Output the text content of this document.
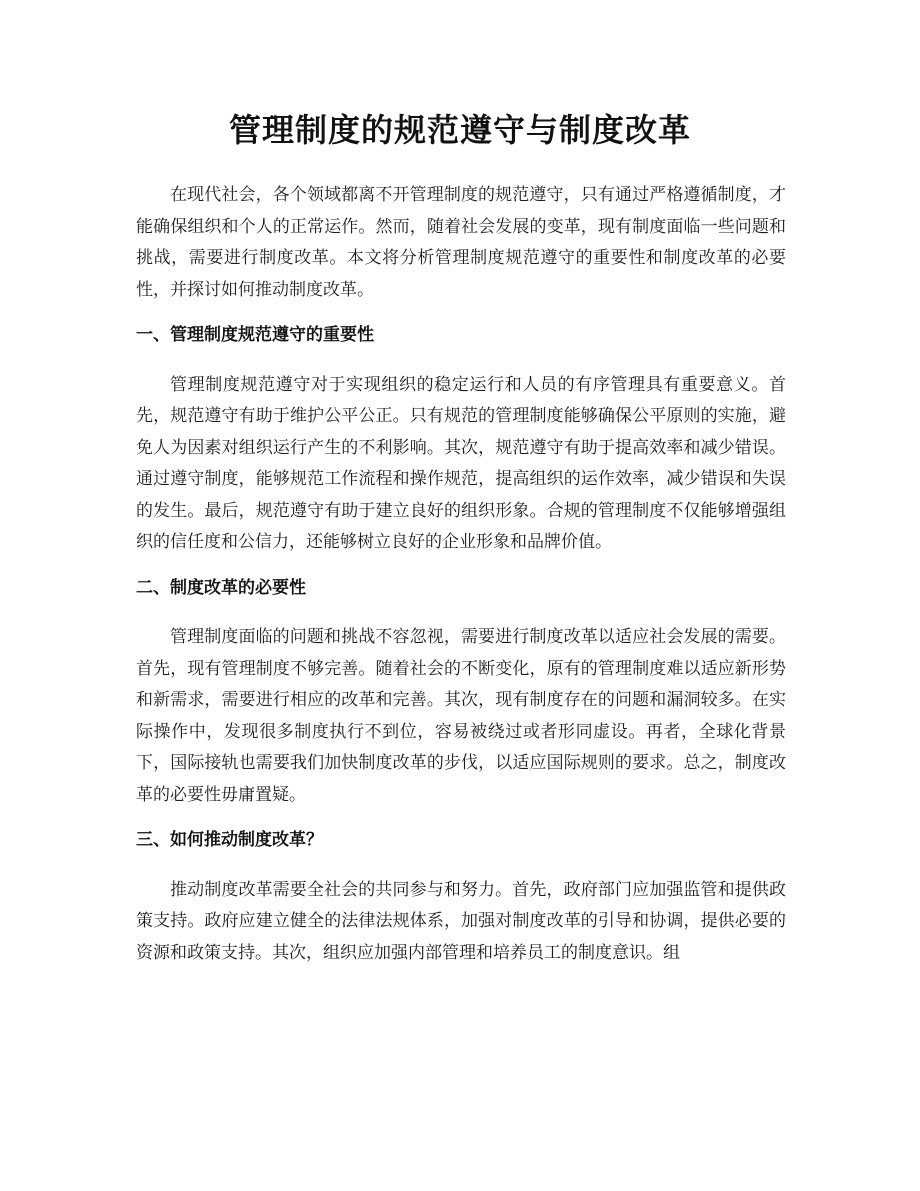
管理制度的规范遵守与制度改革

在现代社会，各个领域都离不开管理制度的规范遵守，只有通过严格遵循制度，才能确保组织和个人的正常运作。然而，随着社会发展的变革，现有制度面临一些问题和挑战，需要进行制度改革。本文将分析管理制度规范遵守的重要性和制度改革的必要性，并探讨如何推动制度改革。

一、管理制度规范遵守的重要性

管理制度规范遵守对于实现组织的稳定运行和人员的有序管理具有重要意义。首先，规范遵守有助于维护公平公正。只有规范的管理制度能够确保公平原则的实施，避免人为因素对组织运行产生的不利影响。其次，规范遵守有助于提高效率和减少错误。通过遵守制度，能够规范工作流程和操作规范，提高组织的运作效率，减少错误和失误的发生。最后，规范遵守有助于建立良好的组织形象。合规的管理制度不仅能够增强组织的信任度和公信力，还能够树立良好的企业形象和品牌价值。

二、制度改革的必要性

管理制度面临的问题和挑战不容忽视，需要进行制度改革以适应社会发展的需要。首先，现有管理制度不够完善。随着社会的不断变化，原有的管理制度难以适应新形势和新需求，需要进行相应的改革和完善。其次，现有制度存在的问题和漏洞较多。在实际操作中，发现很多制度执行不到位，容易被绕过或者形同虚设。再者，全球化背景下，国际接轨也需要我们加快制度改革的步伐，以适应国际规则的要求。总之，制度改革的必要性毋庸置疑。

三、如何推动制度改革？

推动制度改革需要全社会的共同参与和努力。首先，政府部门应加强监管和提供政策支持。政府应建立健全的法律法规体系，加强对制度改革的引导和协调，提供必要的资源和政策支持。其次，组织应加强内部管理和培养员工的制度意识。组
